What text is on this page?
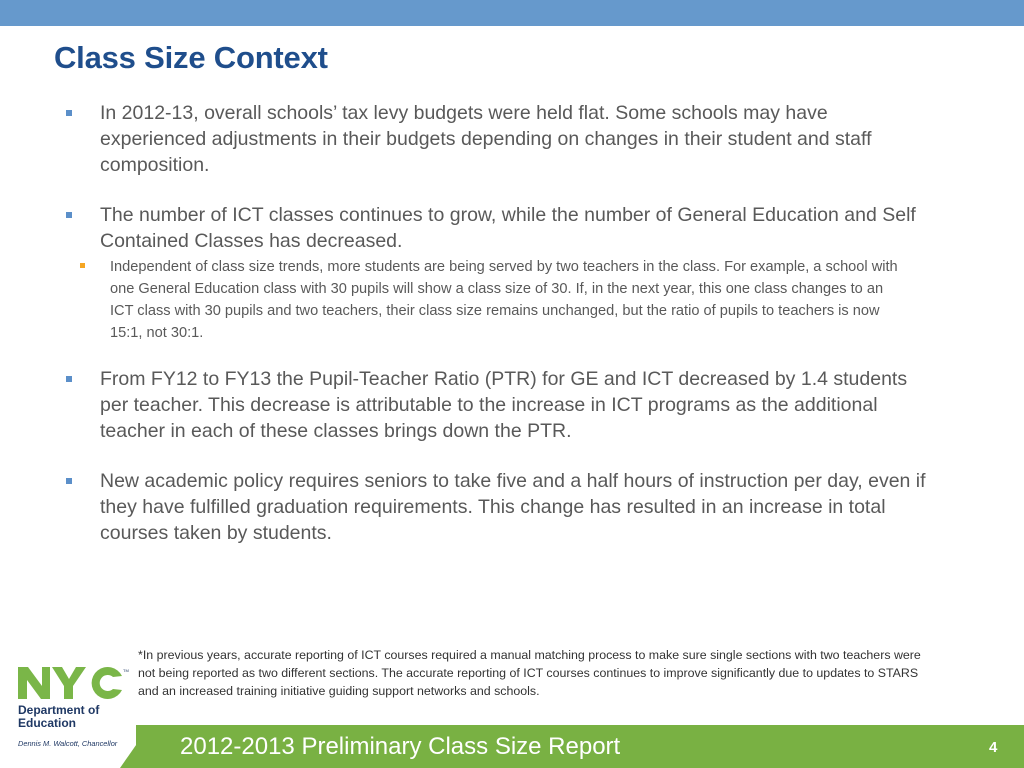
Class Size Context
In 2012-13, overall schools’ tax levy budgets were held flat. Some schools may have experienced adjustments in their budgets depending on changes in their student and staff composition.
The number of ICT classes continues to grow, while the number of General Education and Self Contained Classes has decreased.
Independent of class size trends, more students are being served by two teachers in the class. For example, a school with one General Education class with 30 pupils will show a class size of 30. If, in the next year, this one class changes to an ICT class with 30 pupils and two teachers, their class size remains unchanged, but the ratio of pupils to teachers is now 15:1, not 30:1.
From FY12 to FY13 the Pupil-Teacher Ratio (PTR) for GE and ICT decreased by 1.4 students per teacher. This decrease is attributable to the increase in ICT programs as the additional teacher in each of these classes brings down the PTR.
New academic policy requires seniors to take five and a half hours of instruction per day, even if they have fulfilled graduation requirements. This change has resulted in an increase in total courses taken by students.
*In previous years, accurate reporting of ICT courses required a manual matching process to make sure single sections with two teachers were not being reported as two different sections. The accurate reporting of ICT courses continues to improve significantly due to updates to STARS and an increased training initiative guiding support networks and schools.
TM
Department of
Education
Dennis M. Walcott, Chancellor	2012-2013 Preliminary Class Size Report	4
